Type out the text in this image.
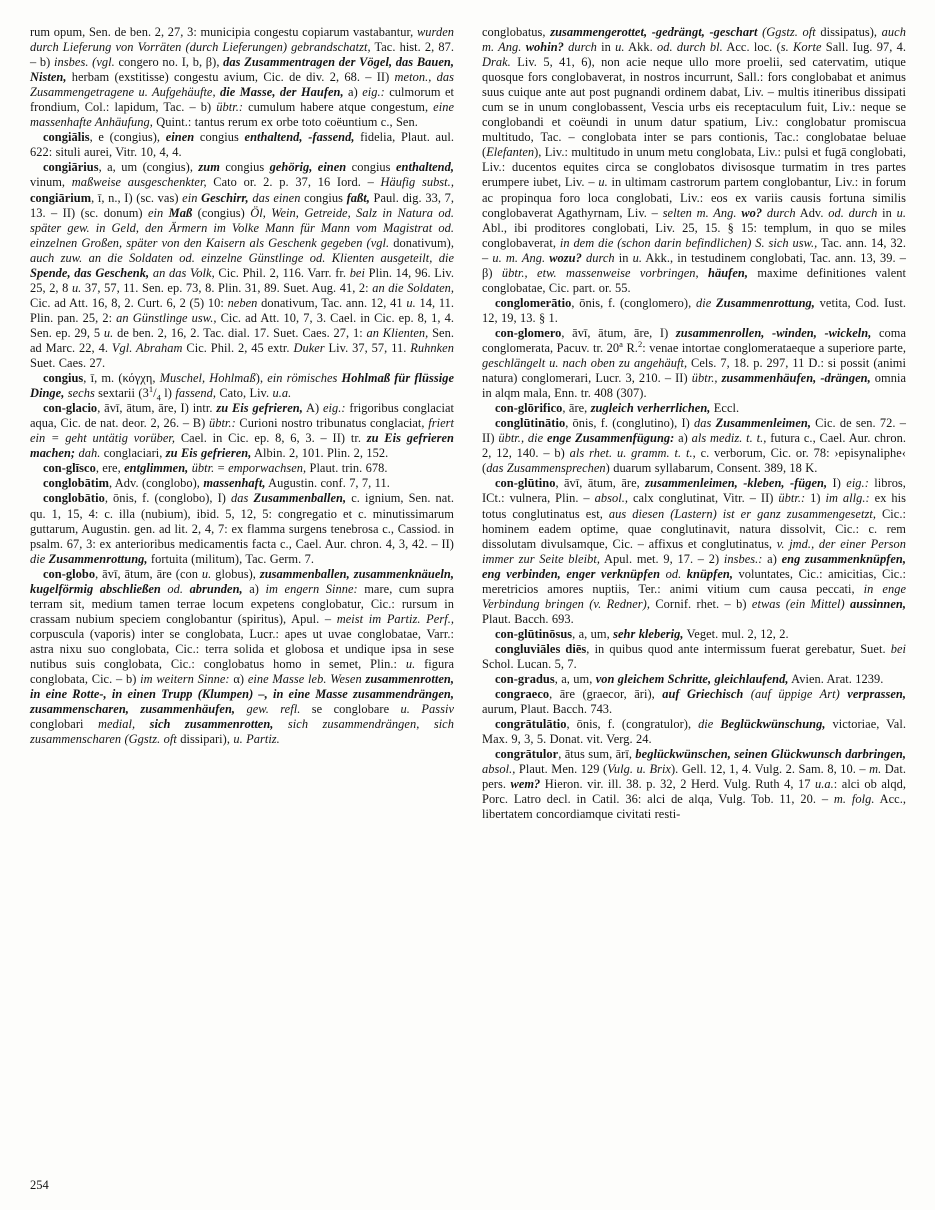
rum opum, Sen. de ben. 2, 27, 3: municipia congestu copiarum vastabantur, wurden durch Lieferung von Vorräten (durch Lieferungen) gebrandschatzt, Tac. hist. 2, 87. – b) insbes. (vgl. congero no. I, b, β), das Zusammentragen der Vögel, das Bauen, Nisten, herbam (exstitisse) congestu avium, Cic. de div. 2, 68. – II) meton., das Zusammengetragene u. Aufgehäufte, die Masse, der Haufen, a) eig.: culmorum et frondium, Col.: lapidum, Tac. – b) übtr.: cumulum habere atque congestum, eine massenhafte Anhäufung, Quint.: tantus rerum ex orbe toto coëuntium c., Sen.

congiālis, e (congius), einen congius enthaltend, -fassend, fidelia, Plaut. aul. 622: situli aurei, Vitr. 10, 4, 4.

congiārius, a, um (congius), zum congius gehörig, einen congius enthaltend, vinum, maßweise ausgeschenkter, Cato or. 2. p. 37, 16 Iord. – Häufig subst., congiārium, ī, n., I) (sc. vas) ein Geschirr, das einen congius faßt, Paul. dig. 33, 7, 13. – II) (sc. donum) ein Maß (congius) Öl, Wein, Getreide, Salz in Natura od. später gew. in Geld, den Ärmern im Volke Mann für Mann vom Magistrat od. einzelnen Großen, später von den Kaisern als Geschenk gegeben (vgl. donativum), auch zuw. an die Soldaten od. einzelne Günstlinge od. Klienten ausgeteilt, die Spende, das Geschenk, an das Volk, Cic. Phil. 2, 116. Varr. fr. bei Plin. 14, 96. Liv. 25, 2, 8 u. 37, 57, 11. Sen. ep. 73, 8. Plin. 31, 89. Suet. Aug. 41, 2: an die Soldaten, Cic. ad Att. 16, 8, 2. Curt. 6, 2 (5) 10: neben donativum, Tac. ann. 12, 41 u. 14, 11. Plin. pan. 25, 2: an Günstlinge usw., Cic. ad Att. 10, 7, 3. Cael. in Cic. ep. 8, 1, 4. Sen. ep. 29, 5 u. de ben. 2, 16, 2. Tac. dial. 17. Suet. Caes. 27, 1: an Klienten, Sen. ad Marc. 22, 4. Vgl. Abraham Cic. Phil. 2, 45 extr. Duker Liv. 37, 57, 11. Ruhnken Suet. Caes. 27.

congius, ī, m. (κόγχη, Muschel, Hohlmaß), ein römisches Hohlmaß für flüssige Dinge, sechs sextarii ($3^1/_4$ l) fassend, Cato, Liv. u.a.

con-glacio, āvī, ātum, āre, I) intr. zu Eis gefrieren, A) eig.: frigoribus conglaciat aqua, Cic. de nat. deor. 2, 26. – B) übtr.: Curioni nostro tribunatus conglaciat, friert ein = geht untätig vorüber, Cael. in Cic. ep. 8, 6, 3. – II) tr. zu Eis gefrieren machen; dah. conglaciari, zu Eis gefrieren, Albin. 2, 101. Plin. 2, 152.

con-glīsco, ere, entglimmen, übtr. = emporwachsen, Plaut. trin. 678.

conglobātim, Adv. (conglobo), massenhaft, Augustin. conf. 7, 7, 11.

conglobātio, ōnis, f. (conglobo), I) das Zusammenballen, c. ignium, Sen. nat. qu. 1, 15, 4: c. illa (nubium), ibid. 5, 12, 5: congregatio et c. minutissimarum guttarum, Augustin. gen. ad lit. 2, 4, 7: ex flamma surgens tenebrosa c., Cassiod. in psalm. 67, 3: ex anterioribus medicamentis facta c., Cael. Aur. chron. 4, 3, 42. – II) die Zusammenrottung, fortuita (militum), Tac. Germ. 7.

con-globo, āvī, ātum, āre (con u. globus), zusammenballen, zusammenknäueln, kugelförmig abschließen od. abrunden, a) im engern Sinne: mare, cum supra terram sit, medium tamen terrae locum expetens conglobatur, Cic.: rursum in crassam nubium speciem conglobantur (spiritus), Apul. – meist im Partiz. Perf., corpuscula (vaporis) inter se conglobata, Lucr.: apes ut uvae conglobatae, Varr.: astra nixu suo conglobata, Cic.: terra solida et globosa et undique ipsa in sese nutibus suis conglobata, Cic.: conglobatus homo in semet, Plin.: u. figura conglobata, Cic. – b) im weitern Sinne: α) eine Masse leb. Wesen zusammenrotten, in eine Rotte-, in einen Trupp (Klumpen) –, in eine Masse zusammendrängen, zusammenscharen, zusammenhäufen, gew. refl. se conglobare u. Passiv conglobari medial, sich zusammenrotten, sich zusammendrängen, sich zusammenscharen (Ggstz. oft dissipari), u. Partiz.

conglobatus, zusammengerottet, -gedrängt, -geschart (Ggstz. oft dissipatus), auch m. Ang. wohin? durch in u. Akk. od. durch bl. Acc. loc. (s. Korte Sall. Iug. 97, 4. Drak. Liv. 5, 41, 6), non acie neque ullo more proelii, sed catervatim, utique quosque fors conglobaverat, in nostros incurrunt, Sall.: fors conglobabat et animus suus cuique ante aut post pugnandi ordinem dabat, Liv. – multis itineribus dissipati cum se in unum conglobassent, Vescia urbs eis receptaculum fuit, Liv.: neque se conglobandi et coëundi in unum datur spatium, Liv.: conglobatur promiscua multitudo, Tac. – conglobata inter se pars contionis, Tac.: conglobatae beluae (Elefanten), Liv.: multitudo in unum metu conglobata, Liv.: pulsi et fugā conglobati, Liv.: ducentos equites circa se conglobatos divisosque turmatim in tres partes erumpere iubet, Liv. – u. in ultimam castrorum partem conglobantur, Liv.: in forum ac propinqua foro loca conglobati, Liv.: eos ex variis causis fortuna similis conglobaverat Agathyrnam, Liv. – selten m. Ang. wo? durch Adv. od. durch in u. Abl., ibi proditores conglobati, Liv. 25, 15. § 15: templum, in quo se miles conglobaverat, in dem die (schon darin befindlichen) S. sich usw., Tac. ann. 14, 32. – u. m. Ang. wozu? durch in u. Akk., in testudinem conglobati, Tac. ann. 13, 39. – β) übtr., etw. massenweise vorbringen, häufen, maxime definitiones valent conglobatae, Cic. part. or. 55.

conglomerātio, ōnis, f. (conglomero), die Zusammenrottung, vetita, Cod. Iust. 12, 19, 13. § 1.

con-glomero, āvī, ātum, āre, I) zusammenrollen, -winden, -wickeln, coma conglomerata, Pacuv. tr. 20$^a$ R.$^2$: venae intortae conglomerataeque a superiore parte, geschlängelt u. nach oben zu angehäuft, Cels. 7, 18. p. 297, 11 D.: si possit (animi natura) conglomerari, Lucr. 3, 210. – II) übtr., zusammenhäufen, -drängen, omnia in alqm mala, Enn. tr. 408 (307).

con-glōrifico, āre, zugleich verherrlichen, Eccl.

conglūtinātio, ōnis, f. (conglutino), I) das Zusammenleimen, Cic. de sen. 72. – II) übtr., die enge Zusammenfügung: a) als mediz. t. t., futura c., Cael. Aur. chron. 2, 12, 140. – b) als rhet. u. gramm. t. t., c. verborum, Cic. or. 78: ›episynaliphe‹ (das Zusammensprechen) duarum syllabarum, Consent. 389, 18 K.

con-glūtino, āvī, ātum, āre, zusammenleimen, -kleben, -fügen, I) eig.: libros, ICt.: vulnera, Plin. – absol., calx conglutinat, Vitr. – II) übtr.: 1) im allg.: ex his totus conglutinatus est, aus diesen (Lastern) ist er ganz zusammengesetzt, Cic.: hominem eadem optime, quae conglutinavit, natura dissolvit, Cic.: c. rem dissolutam divulsamque, Cic. – affixus et conglutinatus, v. jmd., der einer Person immer zur Seite bleibt, Apul. met. 9, 17. – 2) insbes.: a) eng zusammenknüpfen, eng verbinden, enger verknüpfen od. knüpfen, voluntates, Cic.: amicitias, Cic.: meretricios amores nuptiis, Ter.: animi vitium cum causa peccati, in enge Verbindung bringen (v. Redner), Cornif. rhet. – b) etwas (ein Mittel) aussinnen, Plaut. Bacch. 693.

con-glūtinōsus, a, um, sehr kleberig, Veget. mul. 2, 12, 2.

congluviāles diēs, in quibus quod ante intermissum fuerat gerebatur, Suet. bei Schol. Lucan. 5, 7.

con-gradus, a, um, von gleichem Schritte, gleichlaufend, Avien. Arat. 1239.

congraeco, āre (graecor, āri), auf Griechisch (auf üppige Art) verprassen, aurum, Plaut. Bacch. 743.

congrātulātio, ōnis, f. (congratulor), die Beglückwünschung, victoriae, Val. Max. 9, 3, 5. Donat. vit. Verg. 24.

congrātulor, ātus sum, ārī, beglückwünschen, seinen Glückwunsch darbringen, absol., Plaut. Men. 129 (Vulg. u. Brix). Gell. 12, 1, 4. Vulg. 2. Sam. 8, 10. – m. Dat. pers. wem? Hieron. vir. ill. 38. p. 32, 2 Herd. Vulg. Ruth 4, 17 u.a.: alci ob alqd, Porc. Latro decl. in Catil. 36: alci de alqa, Vulg. Tob. 11, 20. – m. folg. Acc., libertatem concordiamque civitati resti-

254
